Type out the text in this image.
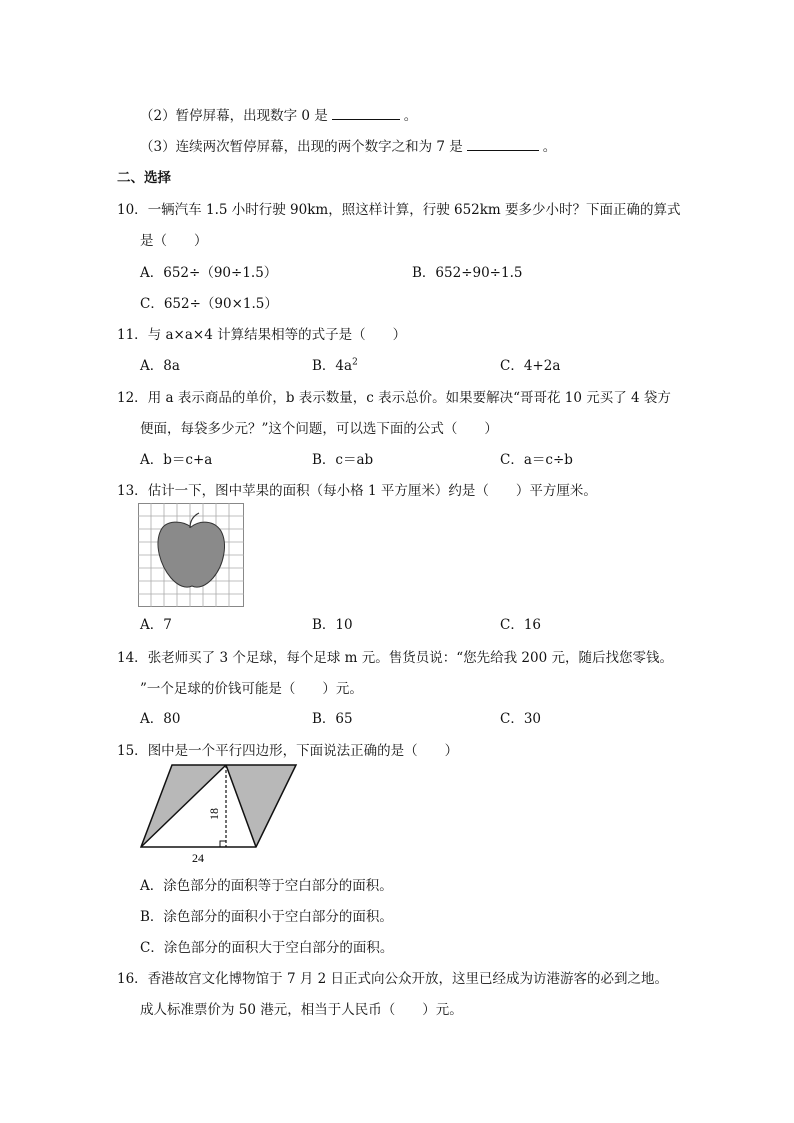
（2）暂停屏幕，出现数字 0 是	。
（3）连续两次暂停屏幕，出现的两个数字之和为 7 是	。
二、选择
10．一辆汽车 1.5 小时行驶 90km，照这样计算，行驶 652km 要多少小时？下面正确的算式
是（　　）
A．652÷（90÷1.5）	B．652÷90÷1.5
C．652÷（90×1.5）
11．与 a×a×4 计算结果相等的式子是（　　）
A．8a	B．$4a^2$	C．4+2a
12．用 a 表示商品的单价，b 表示数量，c 表示总价。如果要解决“哥哥花 10 元买了 4 袋方
便面，每袋多少元？”这个问题，可以选下面的公式（　　）
A．b＝c+a	B．c＝ab	C．a＝c÷b
13．估计一下，图中苹果的面积（每小格 1 平方厘米）约是（　　）平方厘米。
A．7	B．10	C．16
14．张老师买了 3 个足球，每个足球 m 元。售货员说：“您先给我 200 元，随后找您零钱。
”一个足球的价钱可能是（　　）元。
A．80	B．65	C．30
15．图中是一个平行四边形，下面说法正确的是（　　）
18
24
A．涂色部分的面积等于空白部分的面积。
B．涂色部分的面积小于空白部分的面积。
C．涂色部分的面积大于空白部分的面积。
16．香港故宫文化博物馆于 7 月 2 日正式向公众开放，这里已经成为访港游客的必到之地。
成人标准票价为 50 港元，相当于人民币（　　）元。
